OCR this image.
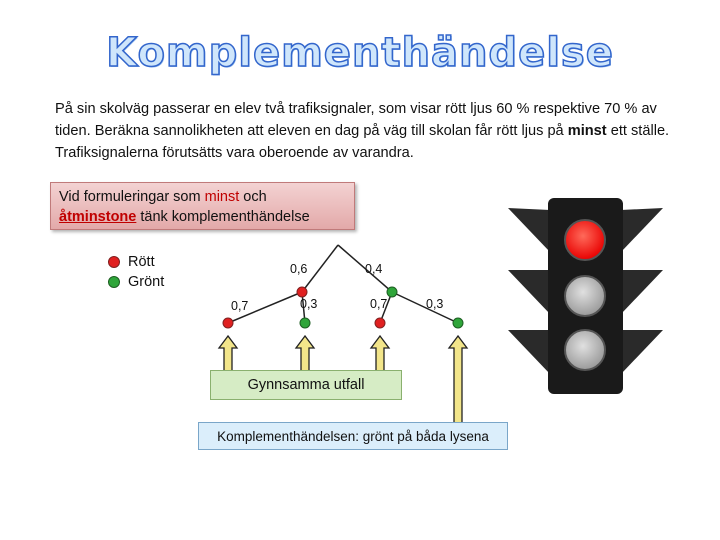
Komplementhändelse
På sin skolväg passerar en elev två trafiksignaler, som visar rött ljus 60 % respektive 70 % av tiden. Beräkna sannolikheten att eleven en dag på väg till skolan får rött ljus på minst ett ställe. Trafiksignalerna förutsätts vara oberoende av varandra.
Vid formuleringar som minst och
åtminstone tänk komplementhändelse
Rött
Grönt
0,6	0,4
0,7	0,3	0,7	0,3
Gynnsamma utfall
Komplementhändelsen: grönt på båda lysena
